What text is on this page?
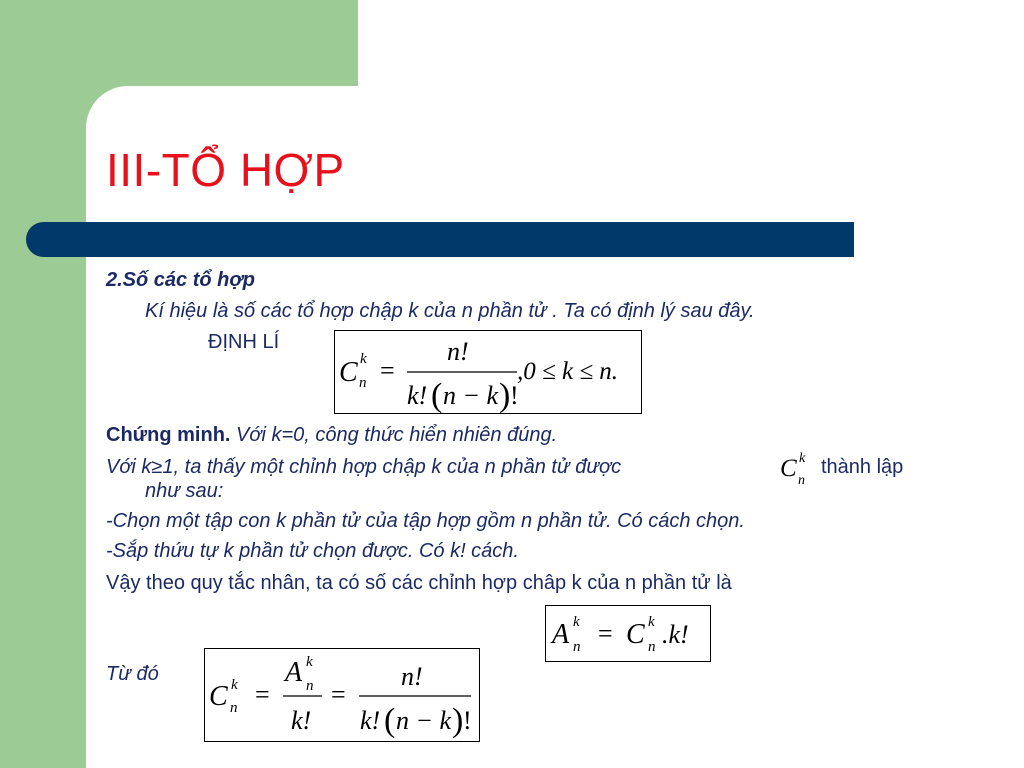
III-TỔ HỢP

2.Số các tổ hợp

Kí hiệu là số các tổ hợp chập k của n phần tử . Ta có định lý sau đây.

ĐỊNH LÍ

C k
n =
n!
k! ( n − k ) !
,0 ≤ k ≤ n.

Chứng minh. Với k=0, công thức hiển nhiên đúng.

Với k≥1, ta thấy một chỉnh hợp chập k của n phần tử được	C k
n

thành lập

như sau:

-Chọn một tập con k phần tử của tập hợp gồm n phần tử. Có cách chọn.

-Sắp thứu tự k phần tử chọn được. Có k! cách.

Vậy theo quy tắc nhân, ta có số các chỉnh hợp châp k của n phần tử là

A k
n = C k
n .k!

Từ đó

C k
n =
A k
n
k!
=
n!
k! ( n − k ) !
